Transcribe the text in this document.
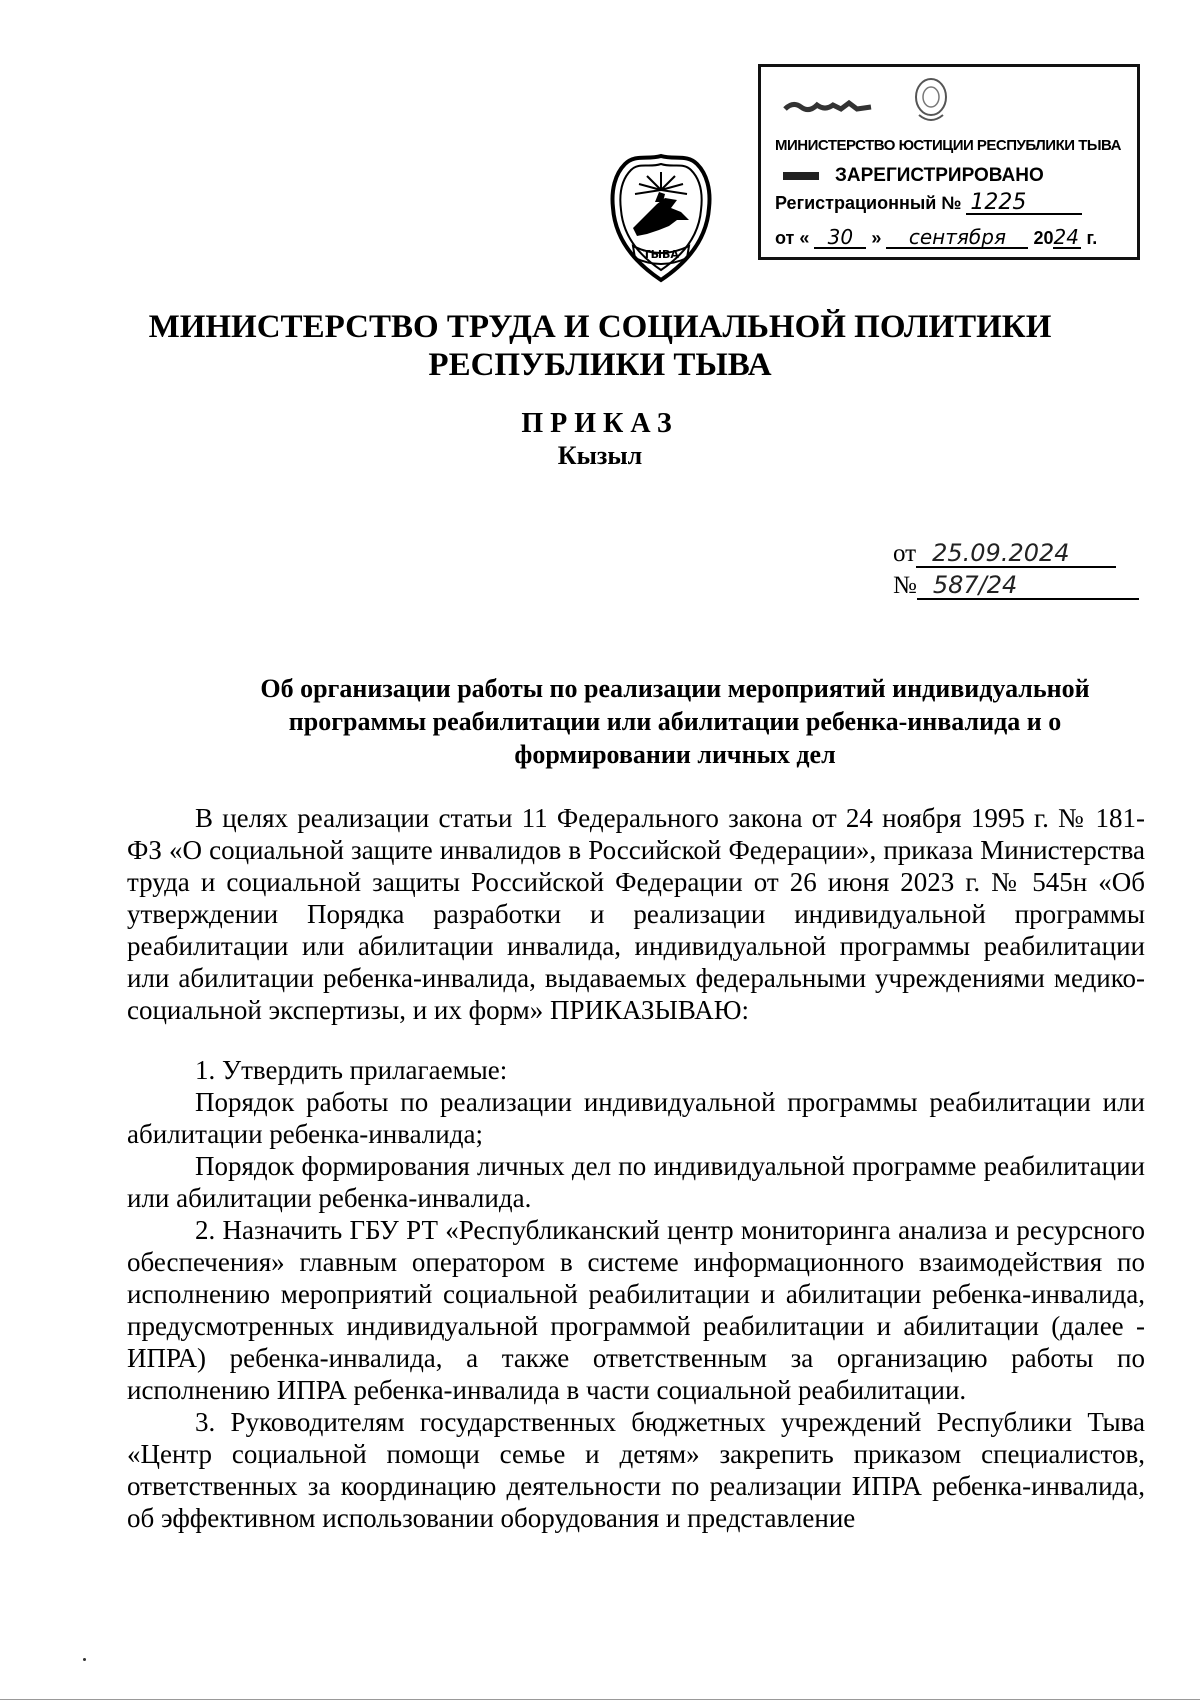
ТЫВА
МИНИСТЕРСТВО ЮСТИЦИИ РЕСПУБЛИКИ ТЫВА
ЗАРЕГИСТРИРОВАНО
Регистрационный № 1225
от « 30 » сентября 2024 г.
МИНИСТЕРСТВО ТРУДА И СОЦИАЛЬНОЙ ПОЛИТИКИ
РЕСПУБЛИКИ ТЫВА
ПРИКАЗ
Кызыл
от 25.09.2024
№ 587/24
Об организации работы по реализации мероприятий индивидуальной
программы реабилитации или абилитации ребенка-инвалида и о
формировании личных дел

В целях реализации статьи 11 Федерального закона от 24 ноября 1995 г. № 181-ФЗ «О социальной защите инвалидов в Российской Федерации», приказа Министерства труда и социальной защиты Российской Федерации от 26 июня 2023 г. № 545н «Об утверждении Порядка разработки и реализации индивидуальной программы реабилитации или абилитации инвалида, индивидуальной программы реабилитации или абилитации ребенка-инвалида, выдаваемых федеральными учреждениями медико-социальной экспертизы, и их форм» ПРИКАЗЫВАЮ:

1. Утвердить прилагаемые:

Порядок работы по реализации индивидуальной программы реабилитации или абилитации ребенка-инвалида;

Порядок формирования личных дел по индивидуальной программе реабилитации или абилитации ребенка-инвалида.

2. Назначить ГБУ РТ «Республиканский центр мониторинга анализа и ресурсного обеспечения» главным оператором в системе информационного взаимодействия по исполнению мероприятий социальной реабилитации и абилитации ребенка-инвалида, предусмотренных индивидуальной программой реабилитации и абилитации (далее - ИПРА) ребенка-инвалида, а также ответственным за организацию работы по исполнению ИПРА ребенка-инвалида в части социальной реабилитации.

3. Руководителям государственных бюджетных учреждений Республики Тыва «Центр социальной помощи семье и детям» закрепить приказом специалистов, ответственных за координацию деятельности по реализации ИПРА ребенка-инвалида, об эффективном использовании оборудования и представление
